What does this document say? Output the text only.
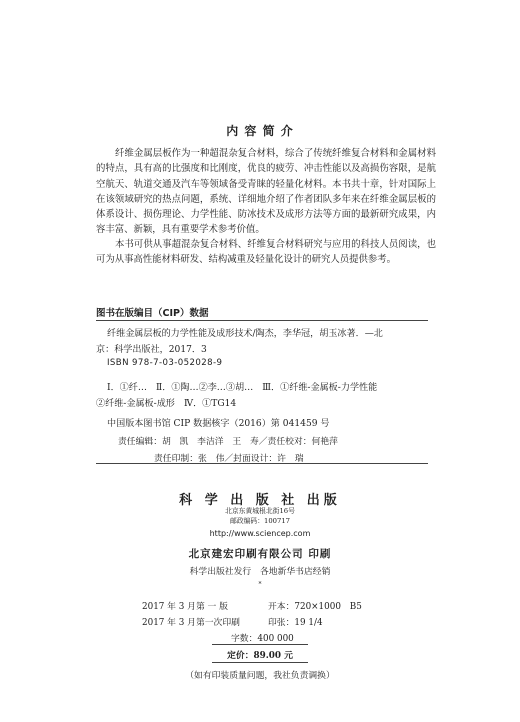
内 容 简 介

纤维金属层板作为一种超混杂复合材料，综合了传统纤维复合材料和金属材料的特点，具有高的比强度和比刚度，优良的疲劳、冲击性能以及高损伤容限，是航空航天、轨道交通及汽车等领域备受青睐的轻量化材料。本书共十章，针对国际上在该领域研究的热点问题，系统、详细地介绍了作者团队多年来在纤维金属层板的体系设计、损伤理论、力学性能、防冰技术及成形方法等方面的最新研究成果，内容丰富、新颖，具有重要学术参考价值。

本书可供从事超混杂复合材料、纤维复合材料研究与应用的科技人员阅读，也可为从事高性能材料研发、结构减重及轻量化设计的研究人员提供参考。

图书在版编目（CIP）数据
纤维金属层板的力学性能及成形技术/陶杰，李华冠，胡玉冰著．—北
京：科学出版社，2017．3
ISBN 978-7-03-052028-9
Ⅰ．①纤…　Ⅱ．①陶…②李…③胡…　Ⅲ．①纤维-金属板-力学性能
②纤维-金属板-成形　Ⅳ．①TG14
中国版本图书馆 CIP 数据核字（2016）第 041459 号
责任编辑：胡　凯　李洁洋　王　寿／责任校对：何艳萍
责任印制：张　伟／封面设计：许　瑞
科 学 出 版 社 出版
北京东黄城根北街16号
邮政编码：100717
http://www.sciencep.com
北京建宏印刷有限公司 印刷
科学出版社发行　各地新华书店经销
*
2017 年 3 月第 一 版	开本：720×1000　B5
2017 年 3 月第一次印刷	印张：19 1/4
字数：400 000
定价：89.00 元
（如有印装质量问题，我社负责调换）
